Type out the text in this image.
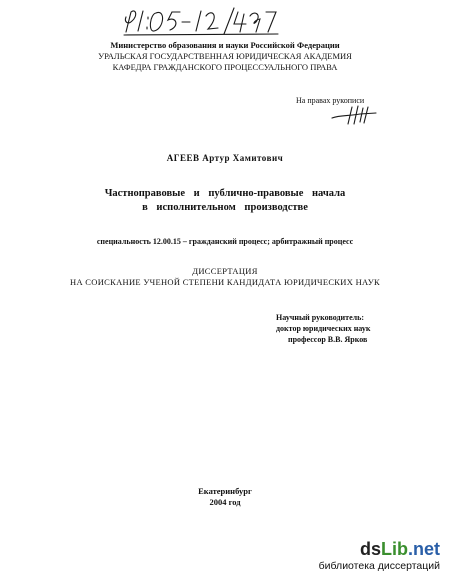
Министерство образования и науки Российской Федерации
УРАЛЬСКАЯ ГОСУДАРСТВЕННАЯ ЮРИДИЧЕСКАЯ АКАДЕМИЯ
КАФЕДРА ГРАЖДАНСКОГО ПРОЦЕССУАЛЬНОГО ПРАВА
На правах рукописи
АГЕЕВ Артур Хамитович
Частноправовые и публично-правовые начала
в исполнительном производстве
специальность 12.00.15 – гражданский процесс; арбитражный процесс
ДИССЕРТАЦИЯ
НА СОИСКАНИЕ УЧЕНОЙ СТЕПЕНИ КАНДИДАТА ЮРИДИЧЕСКИХ НАУК
Научный руководитель:
доктор юридических наук
профессор В.В. Ярков
Екатеринбург
2004 год
dsLib.net
библиотека диссертаций
